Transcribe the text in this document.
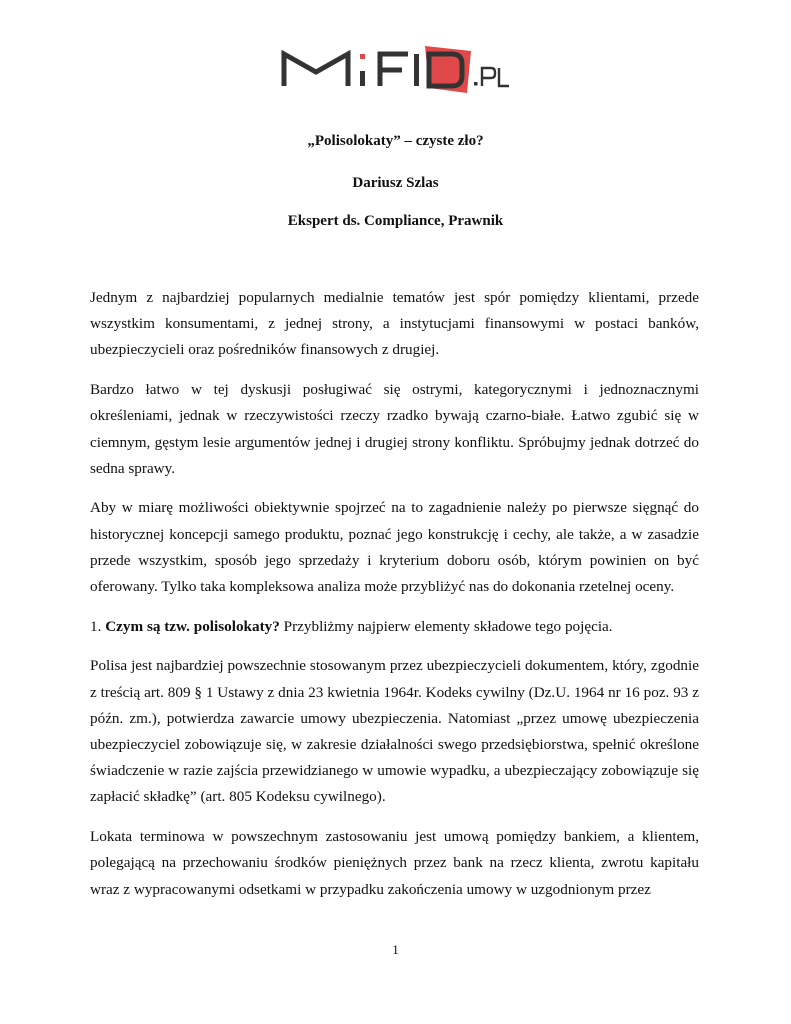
„Polisolokaty” – czyste zło?
Dariusz Szlas
Ekspert ds. Compliance, Prawnik

Jednym z najbardziej popularnych medialnie tematów jest spór pomiędzy klientami, przede wszystkim konsumentami, z jednej strony, a instytucjami finansowymi w postaci banków, ubezpieczycieli oraz pośredników finansowych z drugiej.

Bardzo łatwo w tej dyskusji posługiwać się ostrymi, kategorycznymi i jednoznacznymi określeniami, jednak w rzeczywistości rzeczy rzadko bywają czarno-białe. Łatwo zgubić się w ciemnym, gęstym lesie argumentów jednej i drugiej strony konfliktu. Spróbujmy jednak dotrzeć do sedna sprawy.

Aby w miarę możliwości obiektywnie spojrzeć na to zagadnienie należy po pierwsze sięgnąć do historycznej koncepcji samego produktu, poznać jego konstrukcję i cechy, ale także, a w zasadzie przede wszystkim, sposób jego sprzedaży i kryterium doboru osób, którym powinien on być oferowany. Tylko taka kompleksowa analiza może przybliżyć nas do dokonania rzetelnej oceny.

1. Czym są tzw. polisolokaty? Przybliżmy najpierw elementy składowe tego pojęcia.

Polisa jest najbardziej powszechnie stosowanym przez ubezpieczycieli dokumentem, który, zgodnie z treścią art. 809 § 1 Ustawy z dnia 23 kwietnia 1964r. Kodeks cywilny (Dz.U. 1964 nr 16 poz. 93 z późn. zm.), potwierdza zawarcie umowy ubezpieczenia. Natomiast „przez umowę ubezpieczenia ubezpieczyciel zobowiązuje się, w zakresie działalności swego przedsiębiorstwa, spełnić określone świadczenie w razie zajścia przewidzianego w umowie wypadku, a ubezpieczający zobowiązuje się zapłacić składkę” (art. 805 Kodeksu cywilnego).

Lokata terminowa w powszechnym zastosowaniu jest umową pomiędzy bankiem, a klientem, polegającą na przechowaniu środków pieniężnych przez bank na rzecz klienta, zwrotu kapitału wraz z wypracowanymi odsetkami w przypadku zakończenia umowy w uzgodnionym przez

1
